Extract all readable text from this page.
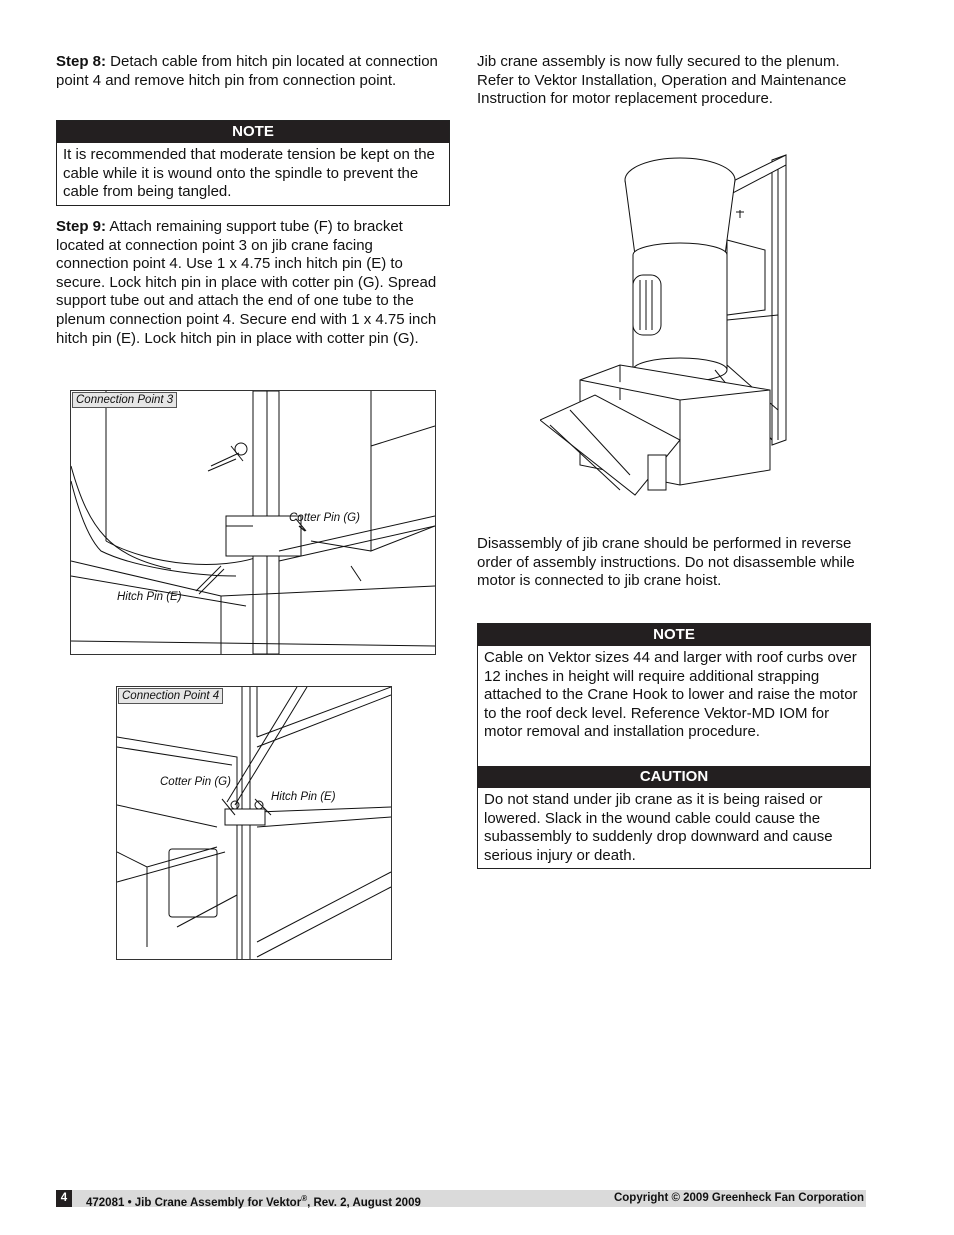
Step 8: Detach cable from hitch pin located at connection point 4 and remove hitch pin from connection point.

NOTE
It is recommended that moderate tension be kept on the cable while it is wound onto the spindle to prevent the cable from being tangled.

Step 9: Attach remaining support tube (F) to bracket located at connection point 3 on jib crane facing connection point 4. Use 1 x 4.75 inch hitch pin (E) to secure. Lock hitch pin in place with cotter pin (G). Spread support tube out and attach the end of one tube to the plenum connection point 4. Secure end with 1 x 4.75 inch hitch pin (E). Lock hitch pin in place with cotter pin (G).

Connection Point 3
Cotter Pin (G)
Hitch Pin (E)
Connection Point 4
Cotter Pin (G)
Hitch Pin (E)
Jib crane assembly is now fully secured to the plenum. Refer to Vektor Installation, Operation and Maintenance Instruction for motor replacement procedure.
Disassembly of jib crane should be performed in reverse order of assembly instructions. Do not disassemble while motor is connected to jib crane hoist.
NOTE
Cable on Vektor sizes 44 and larger with roof curbs over 12 inches in height will require additional strapping attached to the Crane Hook to lower and raise the motor to the roof deck level. Reference Vektor-MD IOM for motor removal and installation procedure.
CAUTION
Do not stand under jib crane as it is being raised or lowered. Slack in the wound cable could cause the subassembly to suddenly drop downward and cause serious injury or death.
4	472081 • Jib Crane Assembly for Vektor®, Rev. 2, August 2009	Copyright © 2009 Greenheck Fan Corporation
